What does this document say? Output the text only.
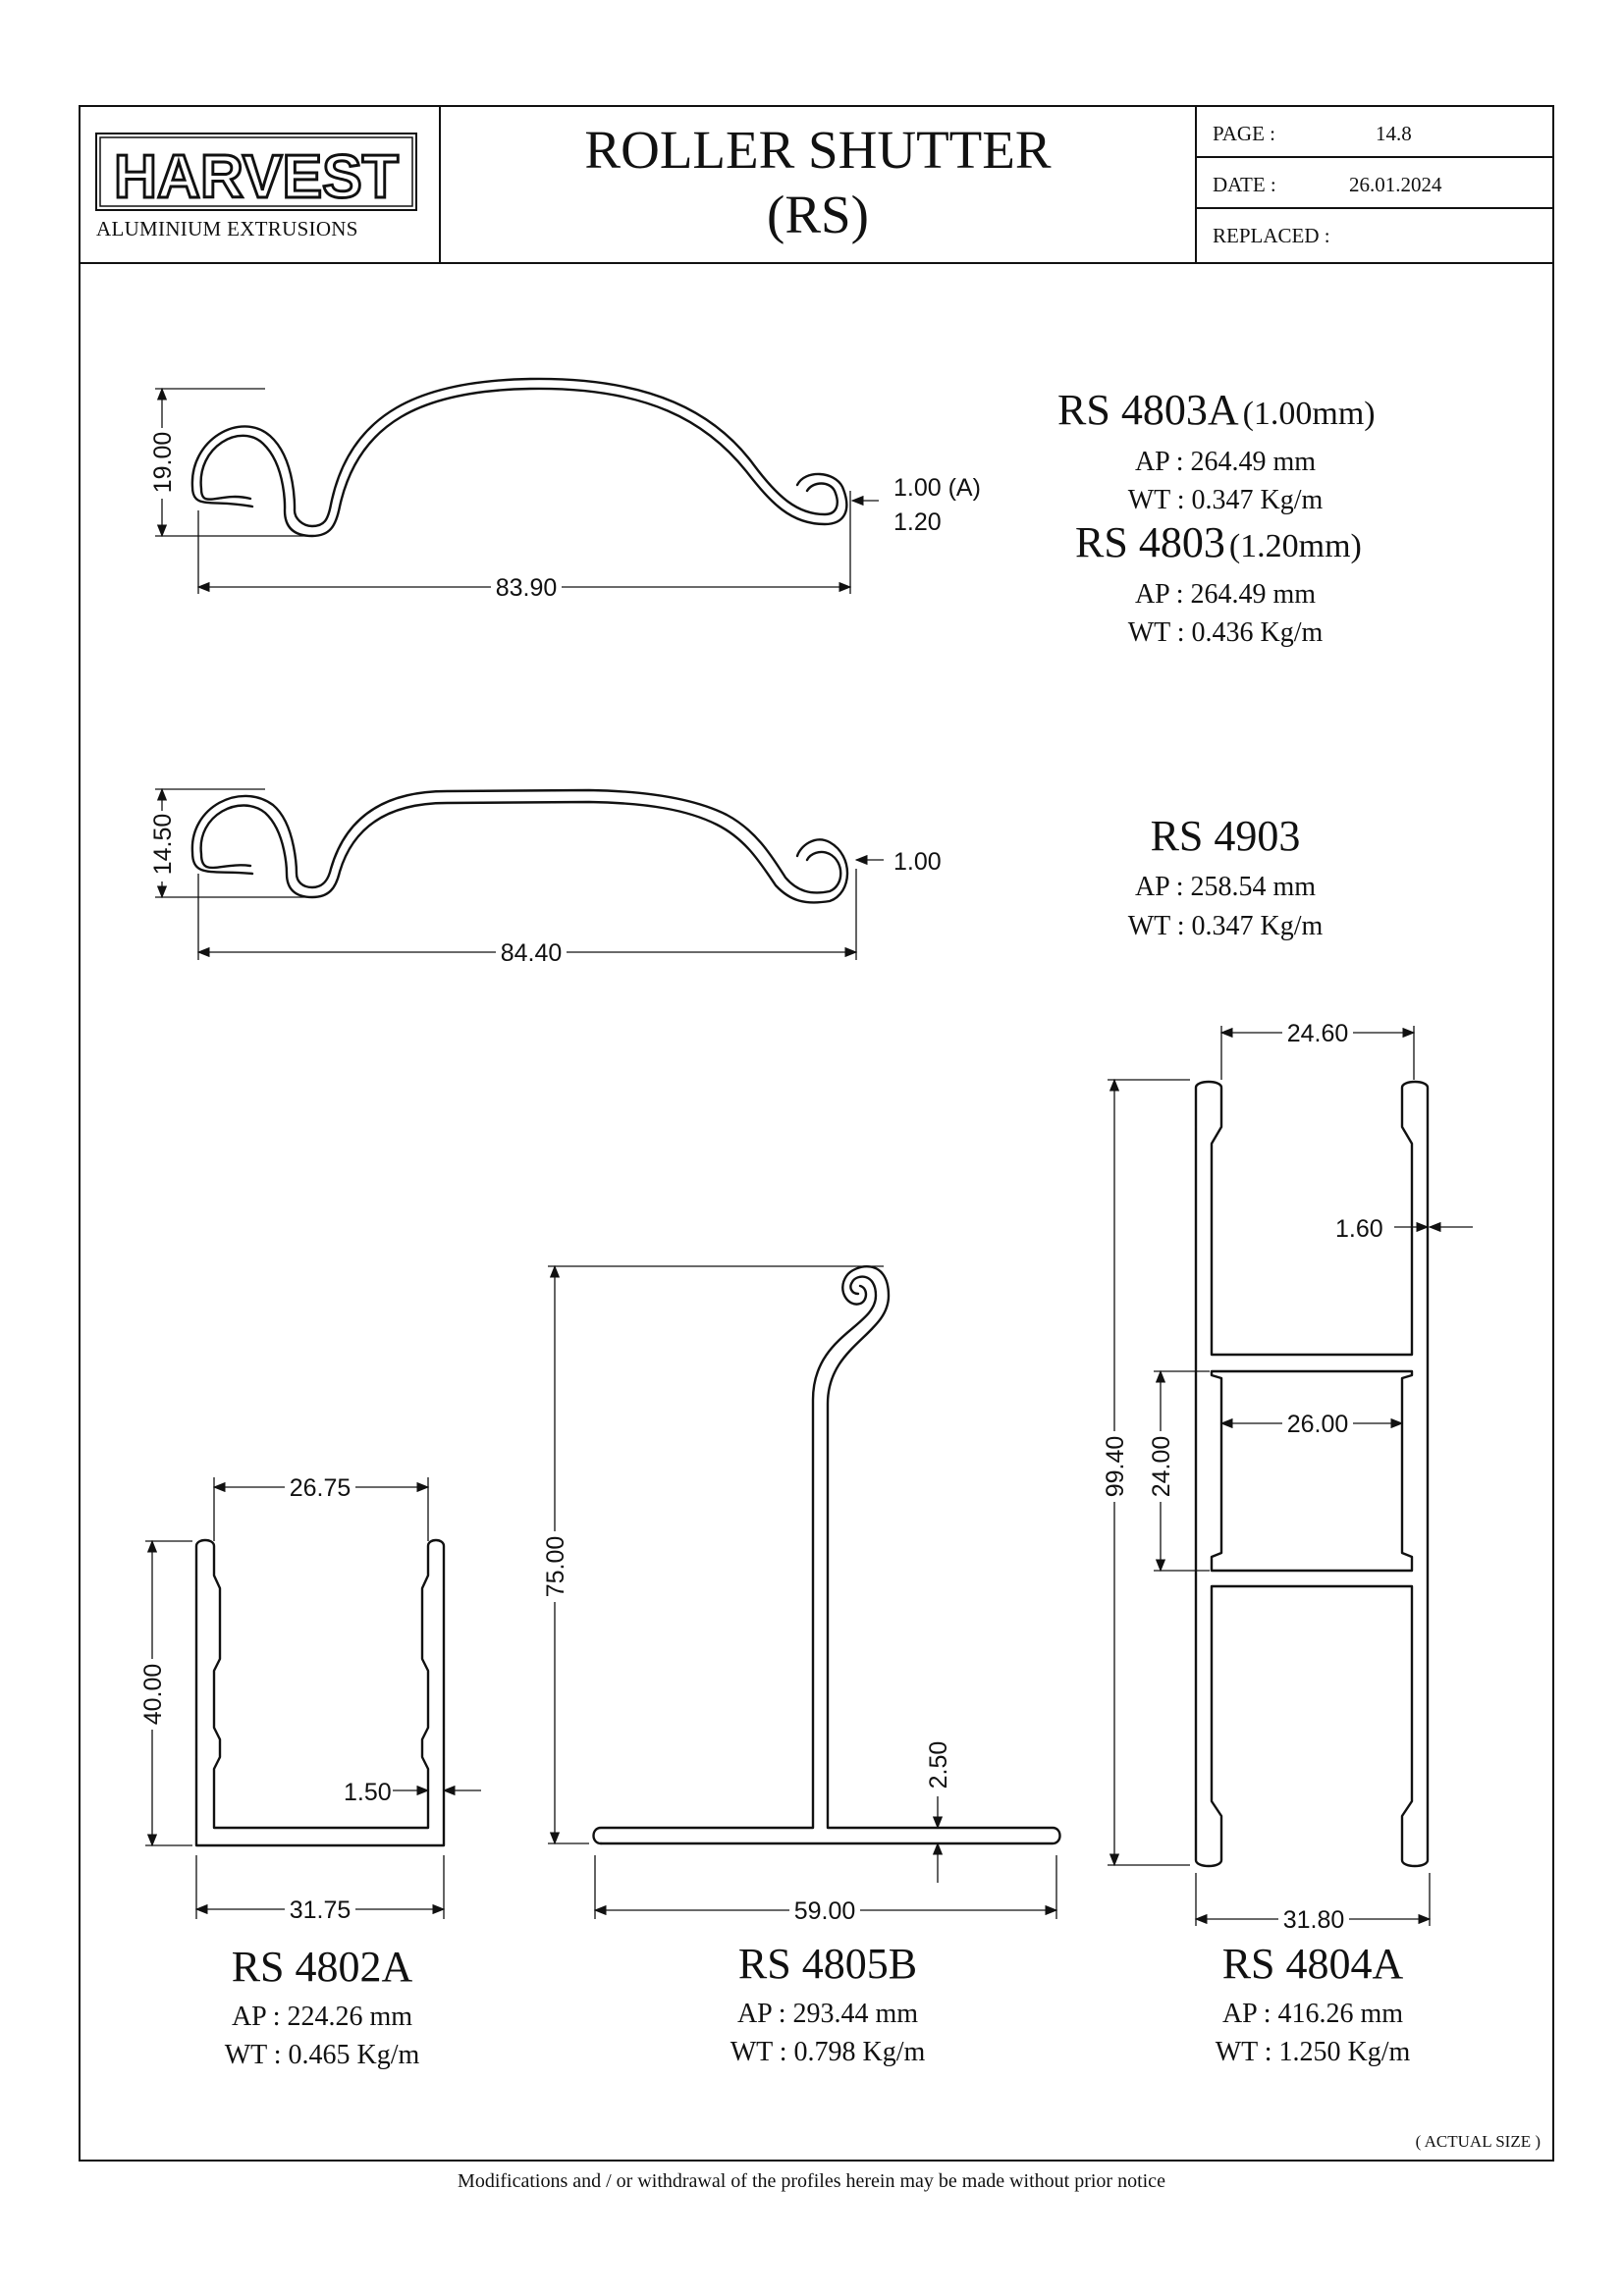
HARVEST
ALUMINIUM EXTRUSIONS
ROLLER SHUTTER
(RS)
PAGE :	14.8
DATE :	26.01.2024
REPLACED :
83.90
19.00	1.00 (A)
1.20
84.40
14.50	1.00
26.75
40.00
1.50
31.75
75.00
2.50
59.00
24.60
1.60
99.40 24.00
26.00
31.80
RS 4803A (1.00mm)
AP : 264.49 mm
WT : 0.347 Kg/m
RS 4803 (1.20mm)
AP : 264.49 mm
WT : 0.436 Kg/m
RS 4903
AP : 258.54 mm
WT : 0.347 Kg/m
RS 4802A
AP : 224.26 mm
WT : 0.465 Kg/m
RS 4805B
AP : 293.44 mm
WT : 0.798 Kg/m
RS 4804A
AP : 416.26 mm
WT : 1.250 Kg/m
( ACTUAL SIZE )
Modifications and / or withdrawal of the profiles herein may be made without prior notice
